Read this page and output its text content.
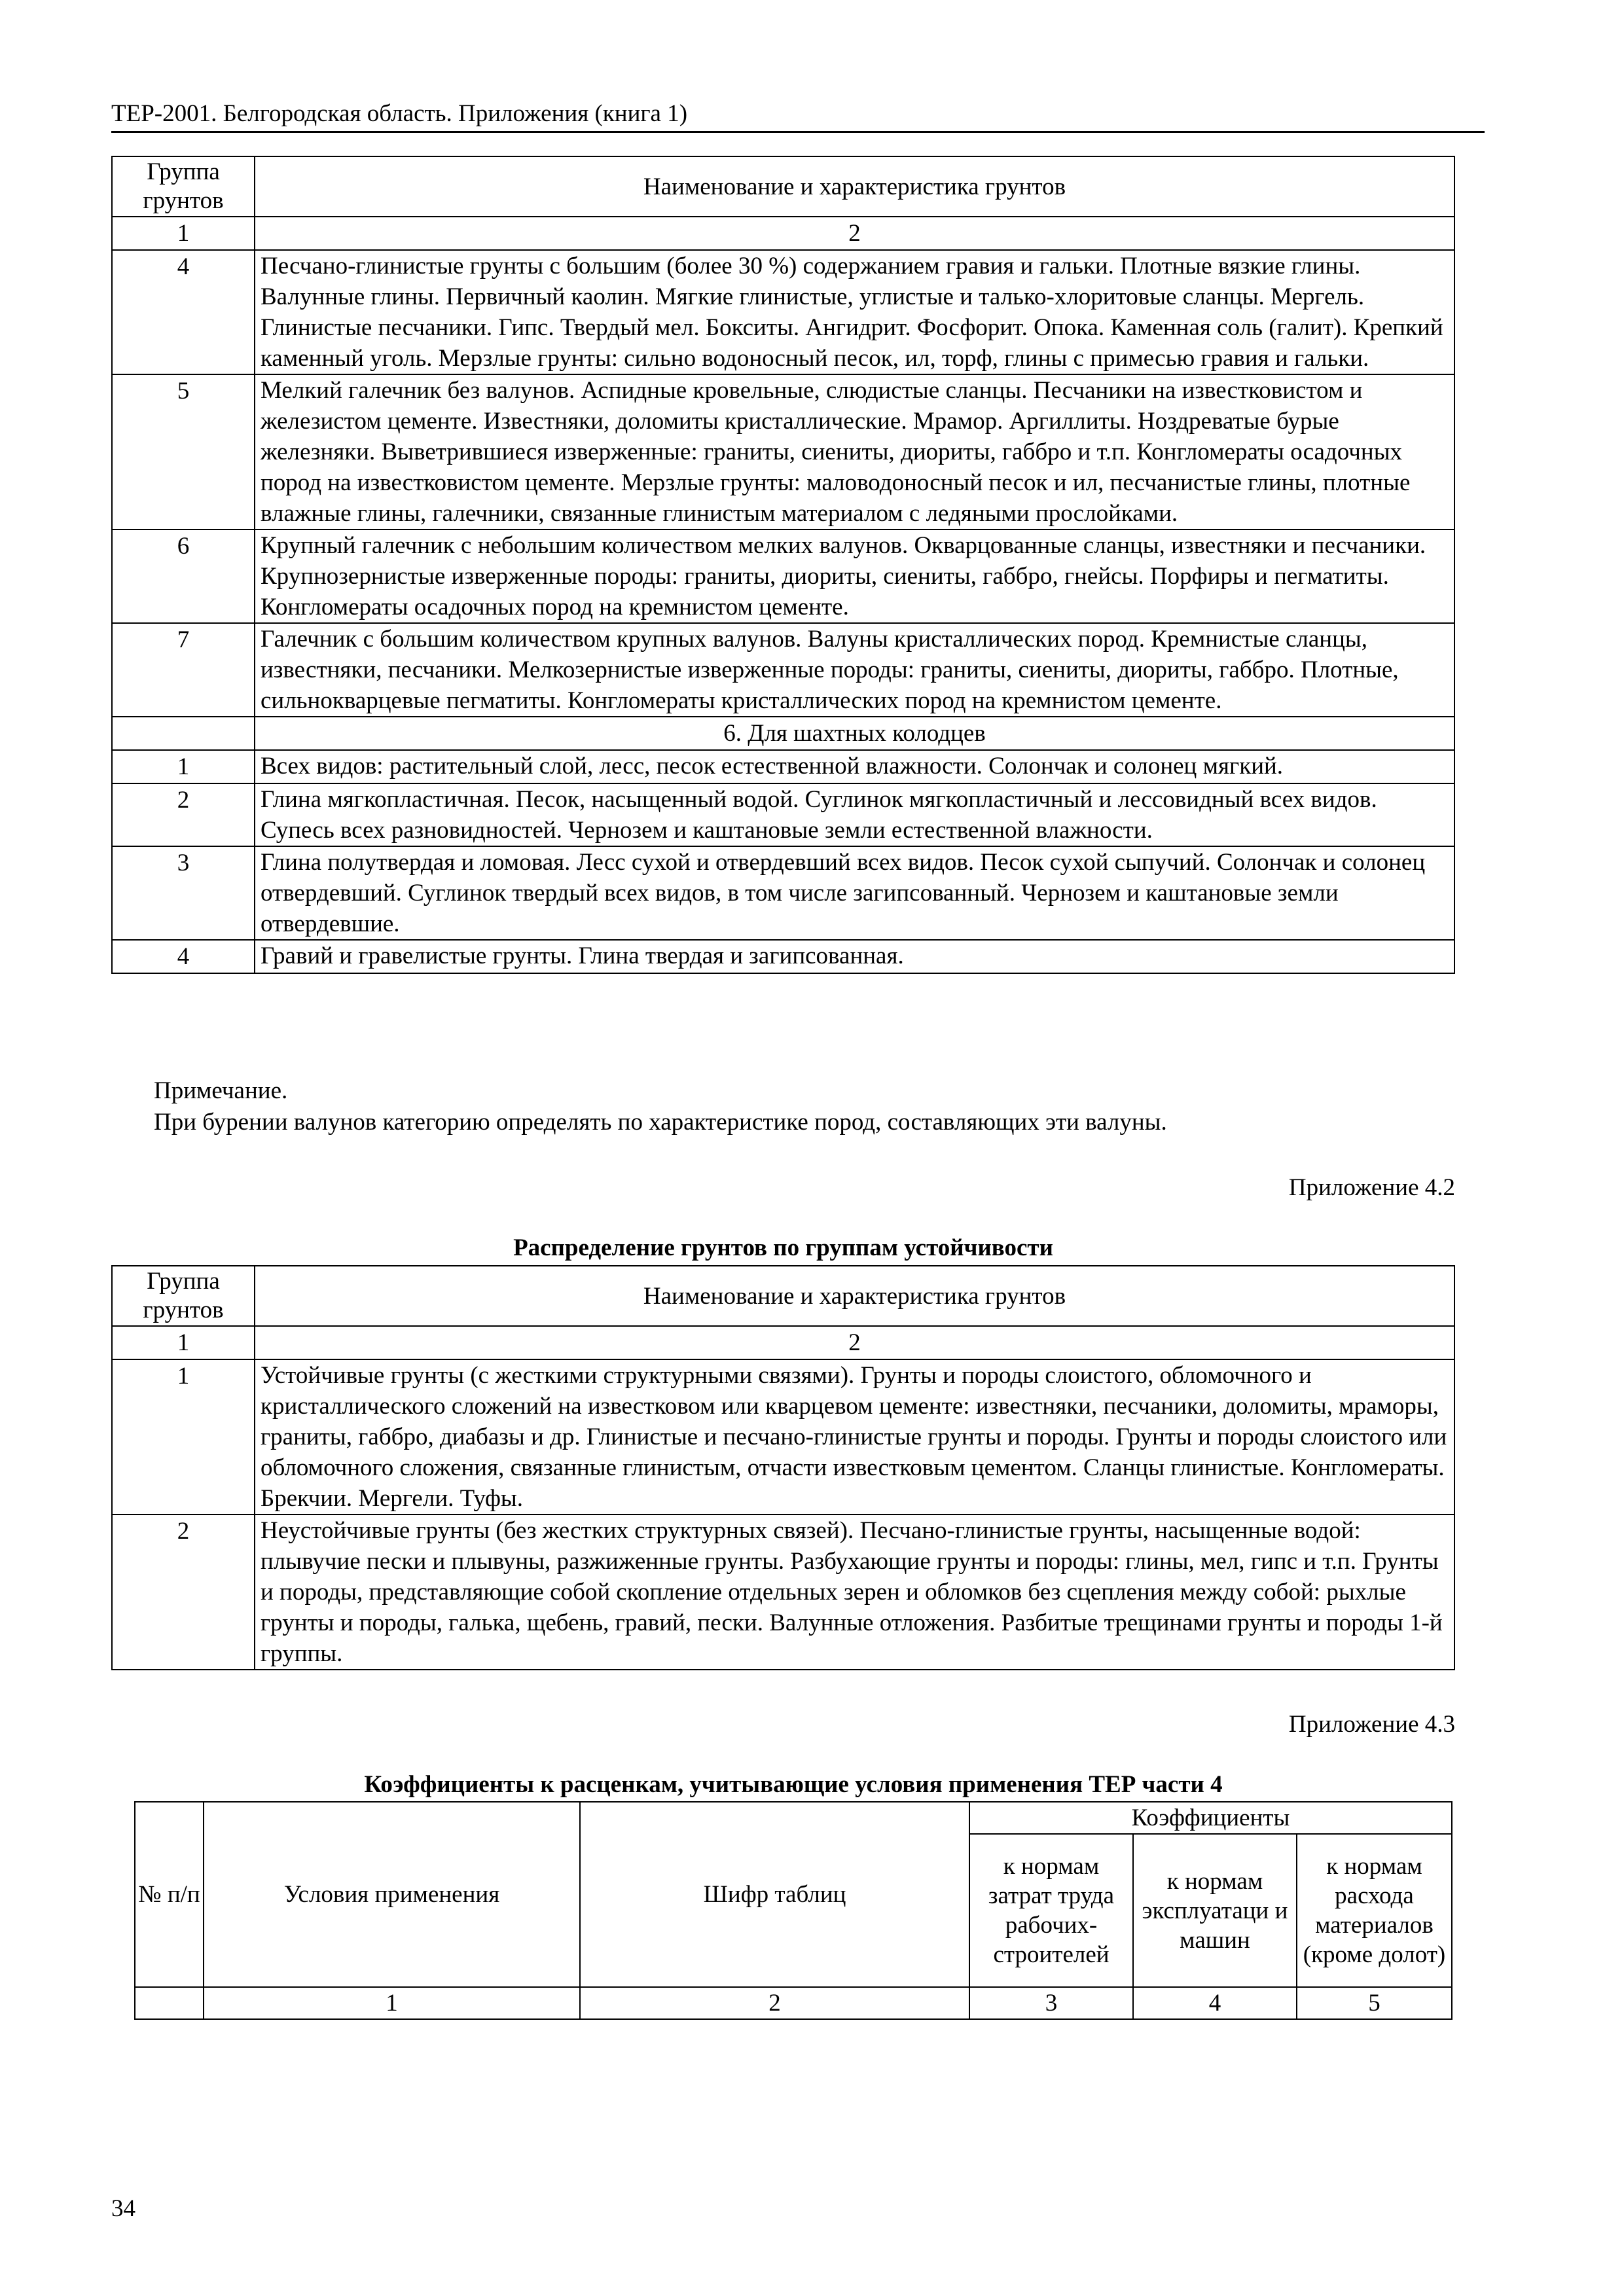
ТЕР-2001. Белгородская область. Приложения (книга 1)
Группа грунтов	Наименование и характеристика грунтов
1	2
4	Песчано-глинистые грунты с большим (более 30 %) содержанием гравия и гальки. Плотные вязкие глины. Валунные глины. Первичный каолин. Мягкие глинистые, углистые и талько-хлоритовые сланцы. Мергель. Глинистые песчаники. Гипс. Твердый мел. Бокситы. Ангидрит. Фосфорит. Опока. Каменная соль (галит). Крепкий каменный уголь. Мерзлые грунты: сильно водоносный песок, ил, торф, глины с примесью гравия и гальки.
5	Мелкий галечник без валунов. Аспидные кровельные, слюдистые сланцы. Песчаники на известковистом и железистом цементе. Известняки, доломиты кристаллические. Мрамор. Аргиллиты. Ноздреватые бурые железняки. Выветрившиеся изверженные: граниты, сиениты, диориты, габбро и т.п. Конгломераты осадочных пород на известковистом цементе. Мерзлые грунты: маловодоносный песок и ил, песчанистые глины, плотные влажные глины, галечники, связанные глинистым материалом с ледяными прослойками.
6	Крупный галечник с небольшим количеством мелких валунов. Окварцованные сланцы, известняки и песчаники. Крупнозернистые изверженные породы: граниты, диориты, сиениты, габбро, гнейсы. Порфиры и пегматиты. Конгломераты осадочных пород на кремнистом цементе.
7	Галечник с большим количеством крупных валунов. Валуны кристаллических пород. Кремнистые сланцы, известняки, песчаники. Мелкозернистые изверженные породы: граниты, сиениты, диориты, габбро. Плотные, сильнокварцевые пегматиты. Конгломераты кристаллических пород на кремнистом цементе.
	6. Для шахтных колодцев
1	Всех видов: растительный слой, лесс, песок естественной влажности. Солончак и солонец мягкий.
2	Глина мягкопластичная. Песок, насыщенный водой. Суглинок мягкопластичный и лессовидный всех видов. Супесь всех разновидностей. Чернозем и каштановые земли естественной влажности.
3	Глина полутвердая и ломовая. Лесс сухой и отвердевший всех видов. Песок сухой сыпучий. Солончак и солонец отвердевший. Суглинок твердый всех видов, в том числе загипсованный. Чернозем и каштановые земли отвердевшие.
4	Гравий и гравелистые грунты. Глина твердая и загипсованная.
Примечание.
При бурении валунов категорию определять по характеристике пород, составляющих эти валуны.
Приложение 4.2
Распределение грунтов по группам устойчивости
Группа грунтов	Наименование и характеристика грунтов
1	2
1	Устойчивые грунты (с жесткими структурными связями). Грунты и породы слоистого, обломочного и кристаллического сложений на известковом или кварцевом цементе: известняки, песчаники, доломиты, мраморы, граниты, габбро, диабазы и др. Глинистые и песчано-глинистые грунты и породы. Грунты и породы слоистого или обломочного сложения, связанные глинистым, отчасти известковым цементом. Сланцы глинистые. Конгломераты. Брекчии. Мергели. Туфы.
2	Неустойчивые грунты (без жестких структурных связей). Песчано-глинистые грунты, насыщенные водой: плывучие пески и плывуны, разжиженные грунты. Разбухающие грунты и породы: глины, мел, гипс и т.п. Грунты и породы, представляющие собой скопление отдельных зерен и обломков без сцепления между собой: рыхлые грунты и породы, галька, щебень, гравий, пески. Валунные отложения. Разбитые трещинами грунты и породы 1-й группы.
Приложение 4.3
Коэффициенты к расценкам, учитывающие условия применения ТЕР части 4
№ п/п	Условия применения	Шифр таблиц	Коэффициенты		
			к нормам затрат труда рабочих-строителей	к нормам эксплуатаци и машин	к нормам расхода материалов (кроме долот)
	1	2	3	4	5
34
